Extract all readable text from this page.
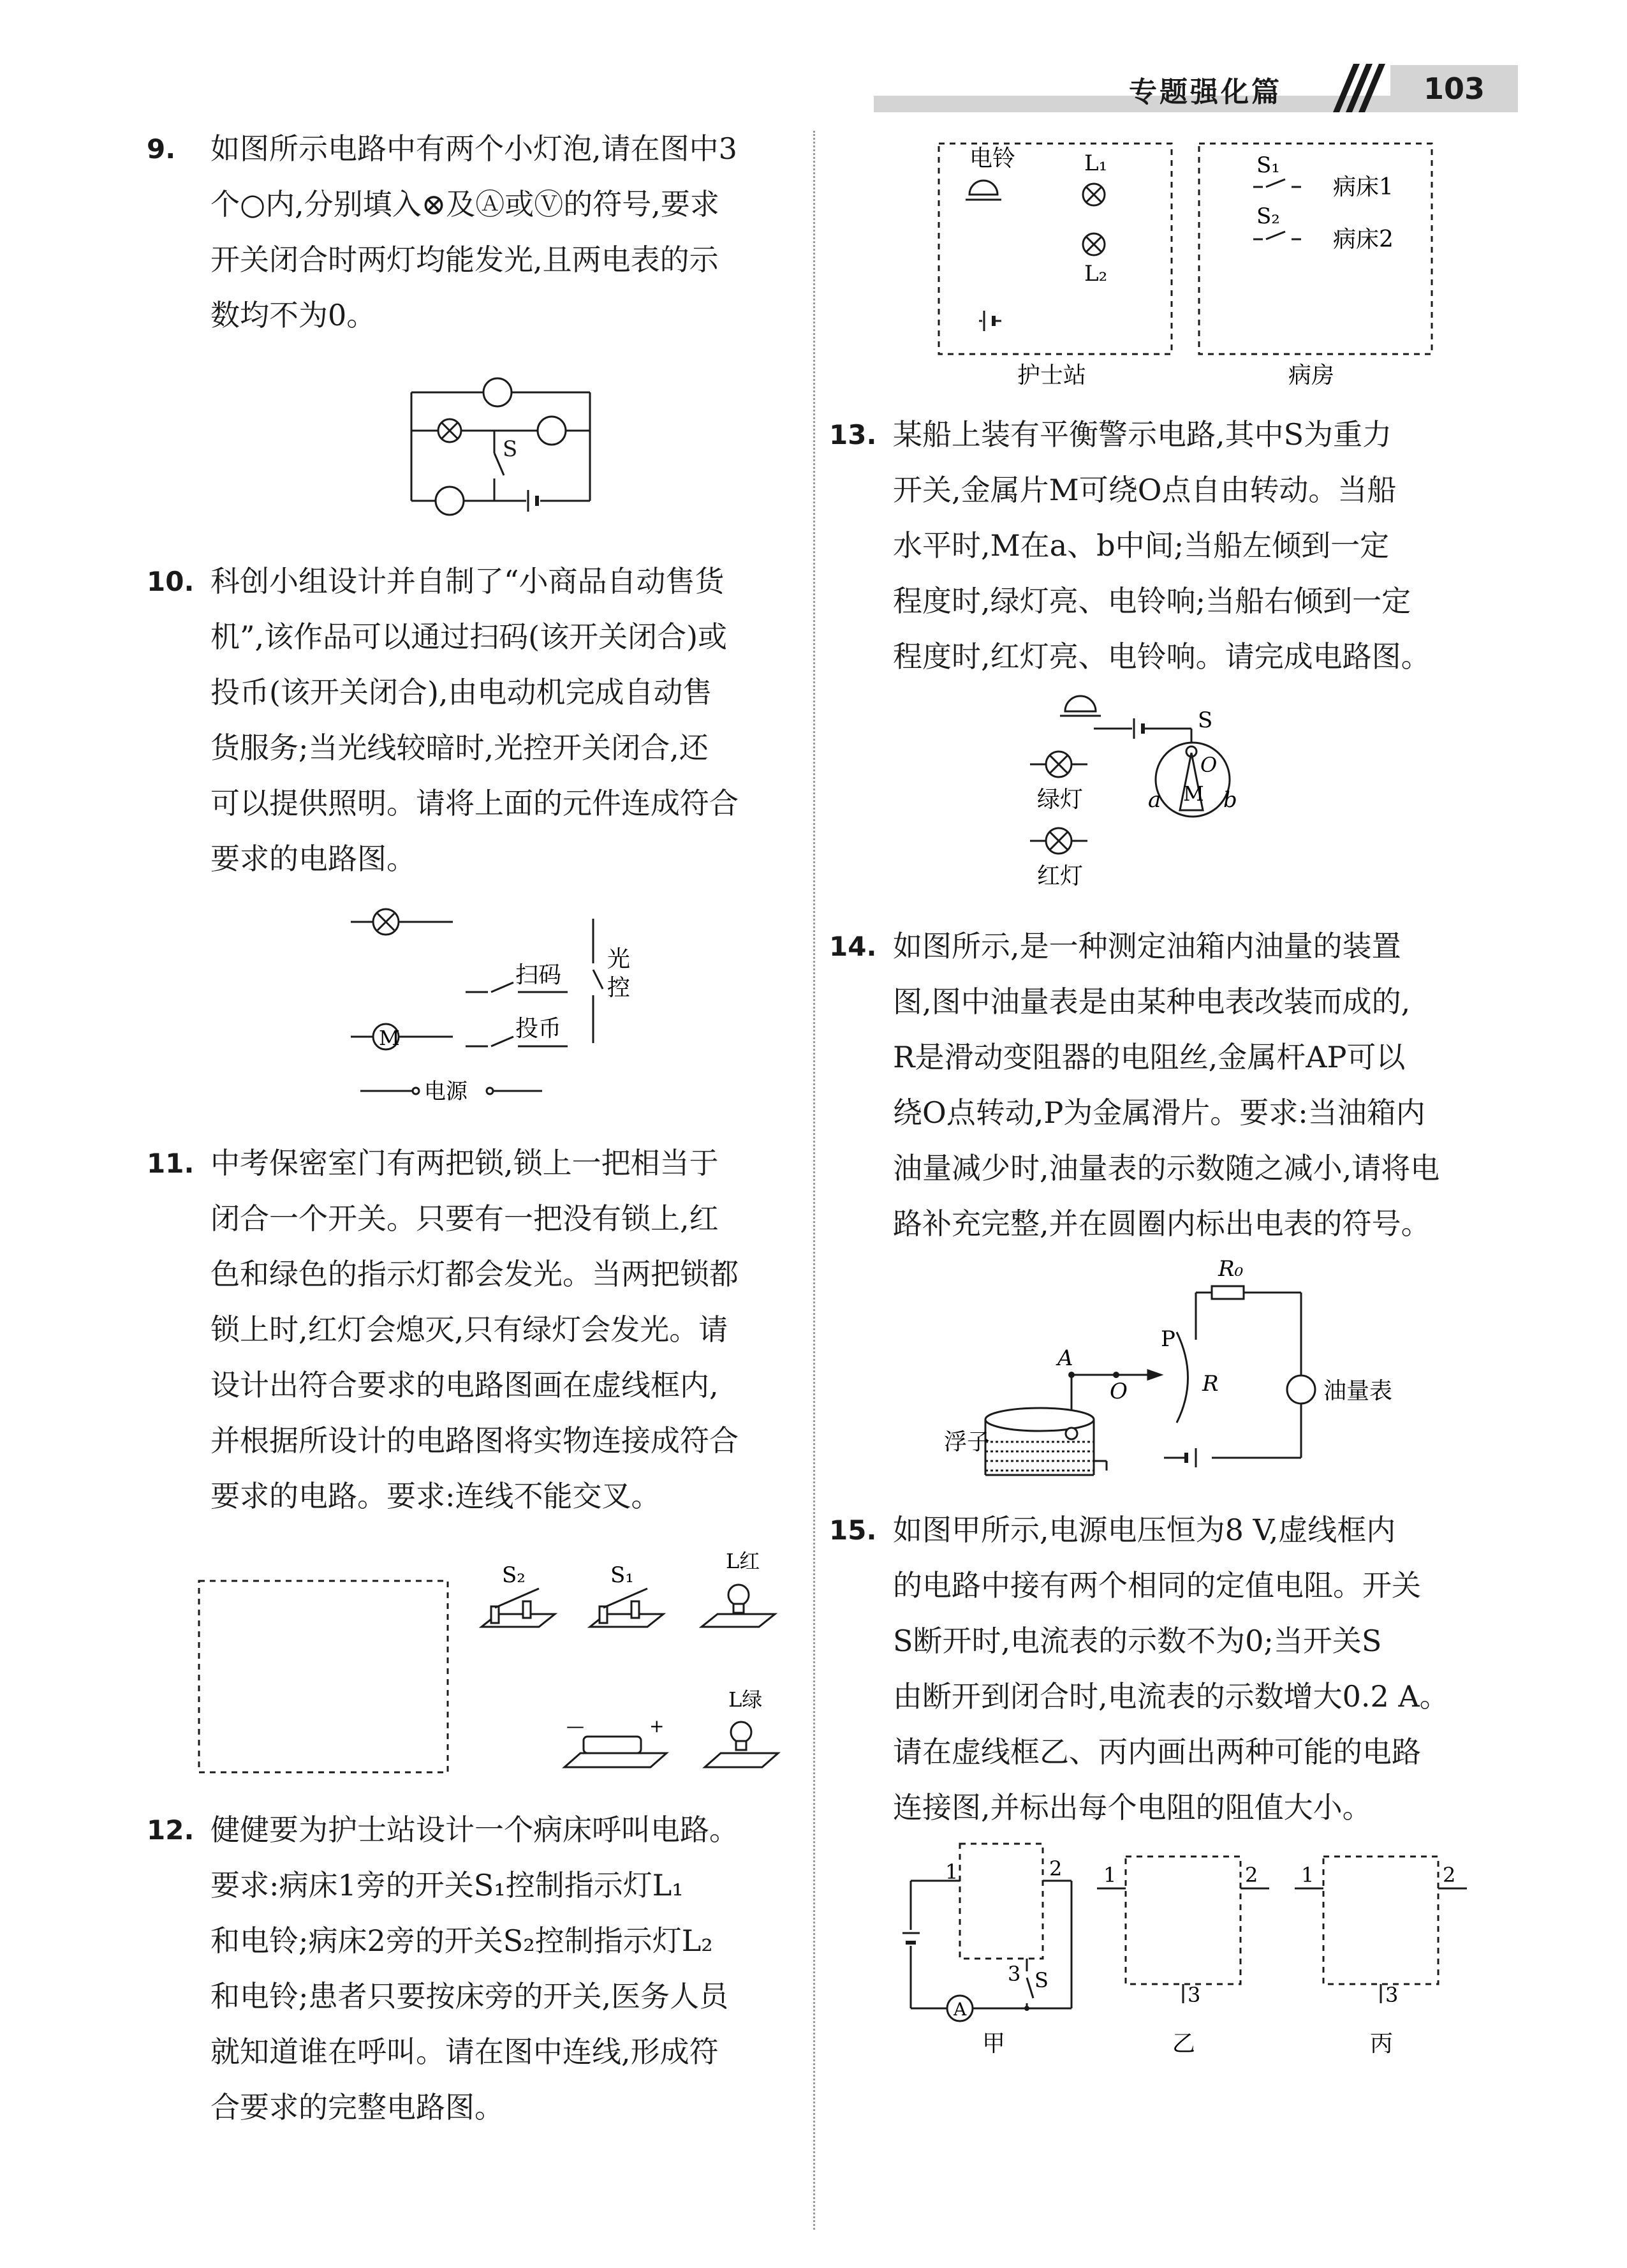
专题强化篇	103
9. 如图所示电路中有两个小灯泡,请在图中3
个○内,分别填入⊗及Ⓐ或Ⓥ的符号,要求
开关闭合时两灯均能发光,且两电表的示
数均不为0。

S
10. 科创小组设计并自制了“小商品自动售货
机”,该作品可以通过扫码(该开关闭合)或
投币(该开关闭合),由电动机完成自动售
货服务;当光线较暗时,光控开关闭合,还
可以提供照明。请将上面的元件连成符合
要求的电路图。

M
扫码
投币
光
控
电源
11. 中考保密室门有两把锁,锁上一把相当于
闭合一个开关。只要有一把没有锁上,红
色和绿色的指示灯都会发光。当两把锁都
锁上时,红灯会熄灭,只有绿灯会发光。请
设计出符合要求的电路图画在虚线框内,
并根据所设计的电路图将实物连接成符合
要求的电路。要求:连线不能交叉。

—	+
S₂	S₁
L红
L绿
12. 健健要为护士站设计一个病床呼叫电路。
要求:病床1旁的开关S₁控制指示灯L₁
和电铃;病床2旁的开关S₂控制指示灯L₂
和电铃;患者只要按床旁的开关,医务人员
就知道谁在呼叫。请在图中连线,形成符
合要求的完整电路图。

电铃	L₁
L₂
S₁
S₂
病床1
病床2
护士站	病房
13. 某船上装有平衡警示电路,其中S为重力
开关,金属片M可绕O点自由转动。当船
水平时,M在a、b中间;当船左倾到一定
程度时,绿灯亮、电铃响;当船右倾到一定
程度时,红灯亮、电铃响。请完成电路图。

S
O
M
a	b
绿灯
红灯
14. 如图所示,是一种测定油箱内油量的装置
图,图中油量表是由某种电表改装而成的,
R是滑动变阻器的电阻丝,金属杆AP可以
绕O点转动,P为金属滑片。要求:当油箱内
油量减少时,油量表的示数随之减小,请将电
路补充完整,并在圆圈内标出电表的符号。

R₀
P
R
A
O
浮子
油量表
15. 如图甲所示,电源电压恒为8 V,虚线框内
的电路中接有两个相同的定值电阻。开关
S断开时,电流表的示数不为0;当开关S
由断开到闭合时,电流表的示数增大0.2 A。
请在虚线框乙、丙内画出两种可能的电路
连接图,并标出每个电阻的阻值大小。

1	2
3 S
A
1	2
3
1	2
3
甲	乙	丙
